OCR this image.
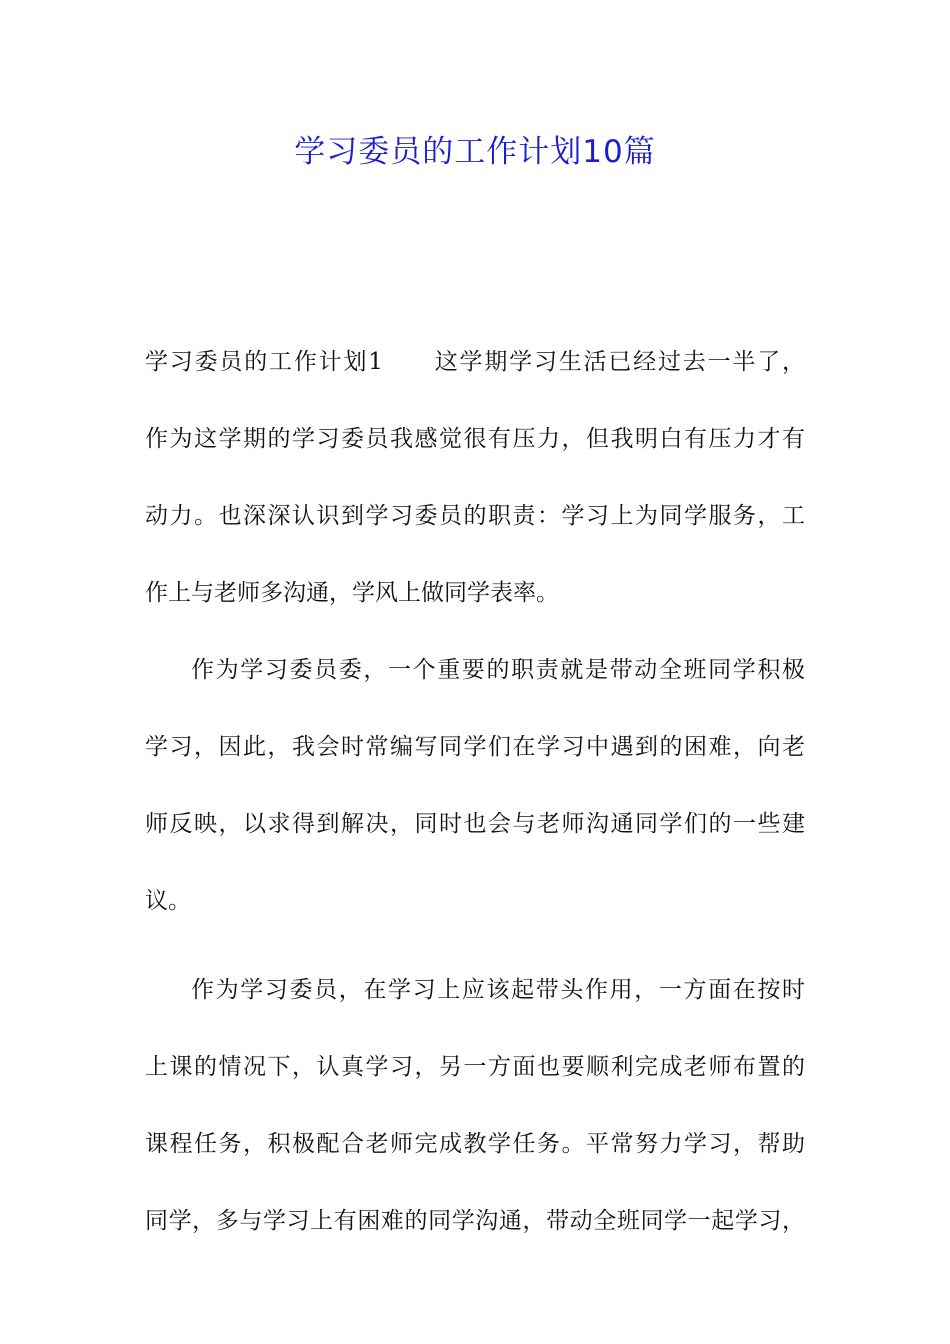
学习委员的工作计划10篇
学习委员的工作计划1 这学期学习生活已经过去一半了，
作为这学期的学习委员我感觉很有压力，但我明白有压力才有
动力。也深深认识到学习委员的职责：学习上为同学服务，工
作上与老师多沟通，学风上做同学表率。
作为学习委员委，一个重要的职责就是带动全班同学积极
学习，因此，我会时常编写同学们在学习中遇到的困难，向老
师反映，以求得到解决，同时也会与老师沟通同学们的一些建
议。
作为学习委员，在学习上应该起带头作用，一方面在按时
上课的情况下，认真学习，另一方面也要顺利完成老师布置的
课程任务，积极配合老师完成教学任务。平常努力学习，帮助
同学，多与学习上有困难的同学沟通，带动全班同学一起学习，
